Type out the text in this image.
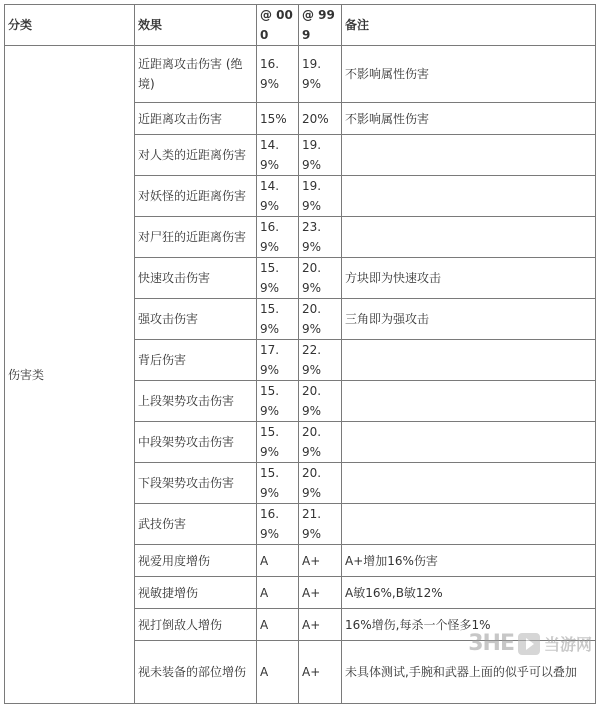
分类	效果	@ 000	@ 999	备注
伤害类	近距离攻击伤害 (绝境)	16.9%	19.9%	不影响属性伤害
	近距离攻击伤害	15%	20%	不影响属性伤害
	对人类的近距离伤害	14.9%	19.9%	
	对妖怪的近距离伤害	14.9%	19.9%	
	对尸狂的近距离伤害	16.9%	23.9%	
	快速攻击伤害	15.9%	20.9%	方块即为快速攻击
	强攻击伤害	15.9%	20.9%	三角即为强攻击
	背后伤害	17.9%	22.9%	
	上段架势攻击伤害	15.9%	20.9%	
	中段架势攻击伤害	15.9%	20.9%	
	下段架势攻击伤害	15.9%	20.9%	
	武技伤害	16.9%	21.9%	
	视爱用度增伤	A	A+	A+增加16%伤害
	视敏捷增伤	A	A+	A敏16%,B敏12%
	视打倒敌人增伤	A	A+	16%增伤,每杀一个怪多1%
	视未装备的部位增伤	A	A+	未具体测试,手腕和武器上面的似乎可以叠加
3HE 当游网
